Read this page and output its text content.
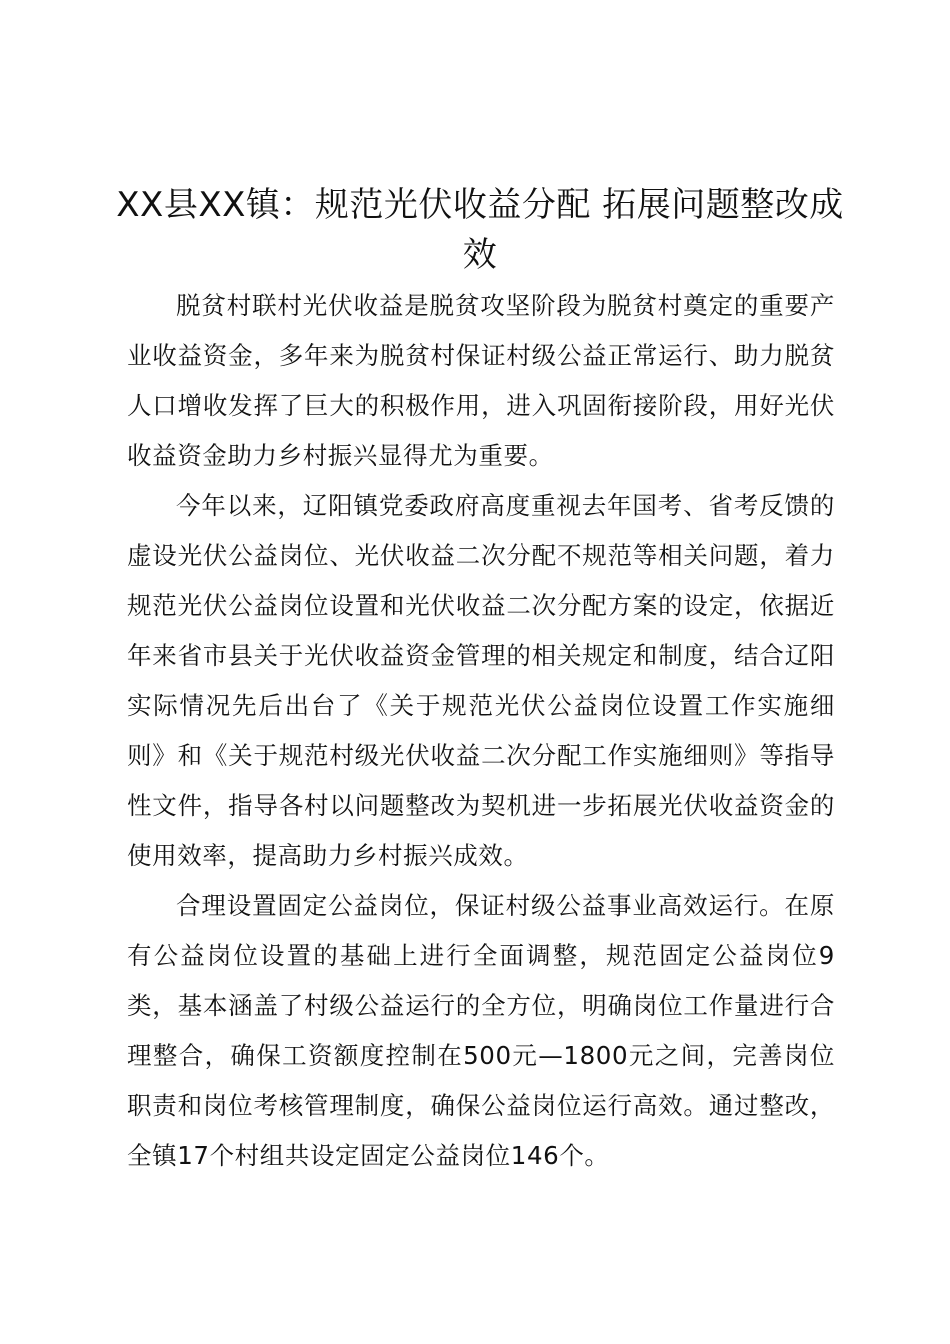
XX县XX镇：规范光伏收益分配 拓展问题整改成效

脱贫村联村光伏收益是脱贫攻坚阶段为脱贫村奠定的重要产业收益资金，多年来为脱贫村保证村级公益正常运行、助力脱贫人口增收发挥了巨大的积极作用，进入巩固衔接阶段，用好光伏收益资金助力乡村振兴显得尤为重要。

今年以来，辽阳镇党委政府高度重视去年国考、省考反馈的虚设光伏公益岗位、光伏收益二次分配不规范等相关问题，着力规范光伏公益岗位设置和光伏收益二次分配方案的设定，依据近年来省市县关于光伏收益资金管理的相关规定和制度，结合辽阳实际情况先后出台了《关于规范光伏公益岗位设置工作实施细则》和《关于规范村级光伏收益二次分配工作实施细则》等指导性文件，指导各村以问题整改为契机进一步拓展光伏收益资金的使用效率，提高助力乡村振兴成效。

合理设置固定公益岗位，保证村级公益事业高效运行。在原有公益岗位设置的基础上进行全面调整，规范固定公益岗位9类，基本涵盖了村级公益运行的全方位，明确岗位工作量进行合理整合，确保工资额度控制在500元—1800元之间，完善岗位职责和岗位考核管理制度，确保公益岗位运行高效。通过整改，全镇17个村组共设定固定公益岗位146个。
